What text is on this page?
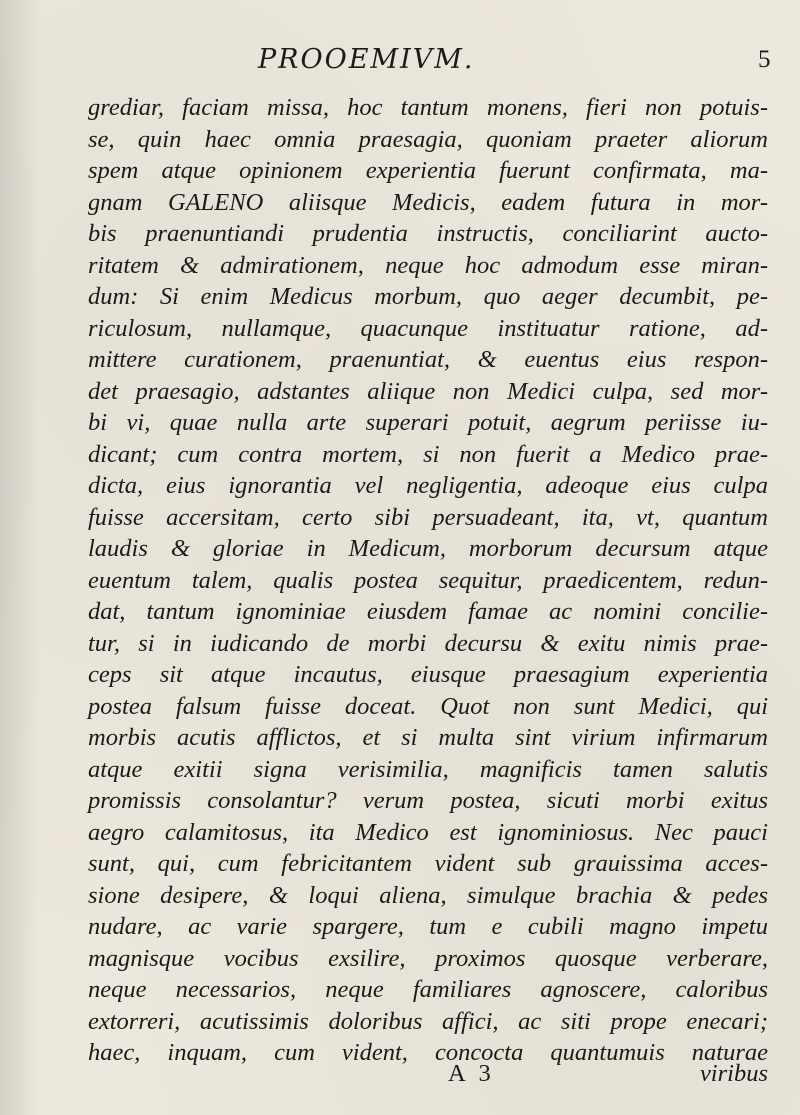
PROOEMIVM.	5
grediar, faciam missa, hoc tantum monens, fieri non potuis-
se, quin haec omnia praesagia, quoniam praeter aliorum
spem atque opinionem experientia fuerunt confirmata, ma-
gnam GALENO aliisque Medicis, eadem futura in mor-
bis praenuntiandi prudentia instructis, conciliarint aucto-
ritatem & admirationem, neque hoc admodum esse miran-
dum: Si enim Medicus morbum, quo aeger decumbit, pe-
riculosum, nullamque, quacunque instituatur ratione, ad-
mittere curationem, praenuntiat, & euentus eius respon-
det praesagio, adstantes aliique non Medici culpa, sed mor-
bi vi, quae nulla arte superari potuit, aegrum periisse iu-
dicant; cum contra mortem, si non fuerit a Medico prae-
dicta, eius ignorantia vel negligentia, adeoque eius culpa
fuisse accersitam, certo sibi persuadeant, ita, vt, quantum
laudis & gloriae in Medicum, morborum decursum atque
euentum talem, qualis postea sequitur, praedicentem, redun-
dat, tantum ignominiae eiusdem famae ac nomini concilie-
tur, si in iudicando de morbi decursu & exitu nimis prae-
ceps sit atque incautus, eiusque praesagium experientia
postea falsum fuisse doceat. Quot non sunt Medici, qui
morbis acutis afflictos, et si multa sint virium infirmarum
atque exitii signa verisimilia, magnificis tamen salutis
promissis consolantur? verum postea, sicuti morbi exitus
aegro calamitosus, ita Medico est ignominiosus. Nec pauci
sunt, qui, cum febricitantem vident sub grauissima acces-
sione desipere, & loqui aliena, simulque brachia & pedes
nudare, ac varie spargere, tum e cubili magno impetu
magnisque vocibus exsilire, proximos quosque verberare,
neque necessarios, neque familiares agnoscere, caloribus
extorreri, acutissimis doloribus affici, ac siti prope enecari;
haec, inquam, cum vident, concocta quantumuis naturae
A 3	viribus
